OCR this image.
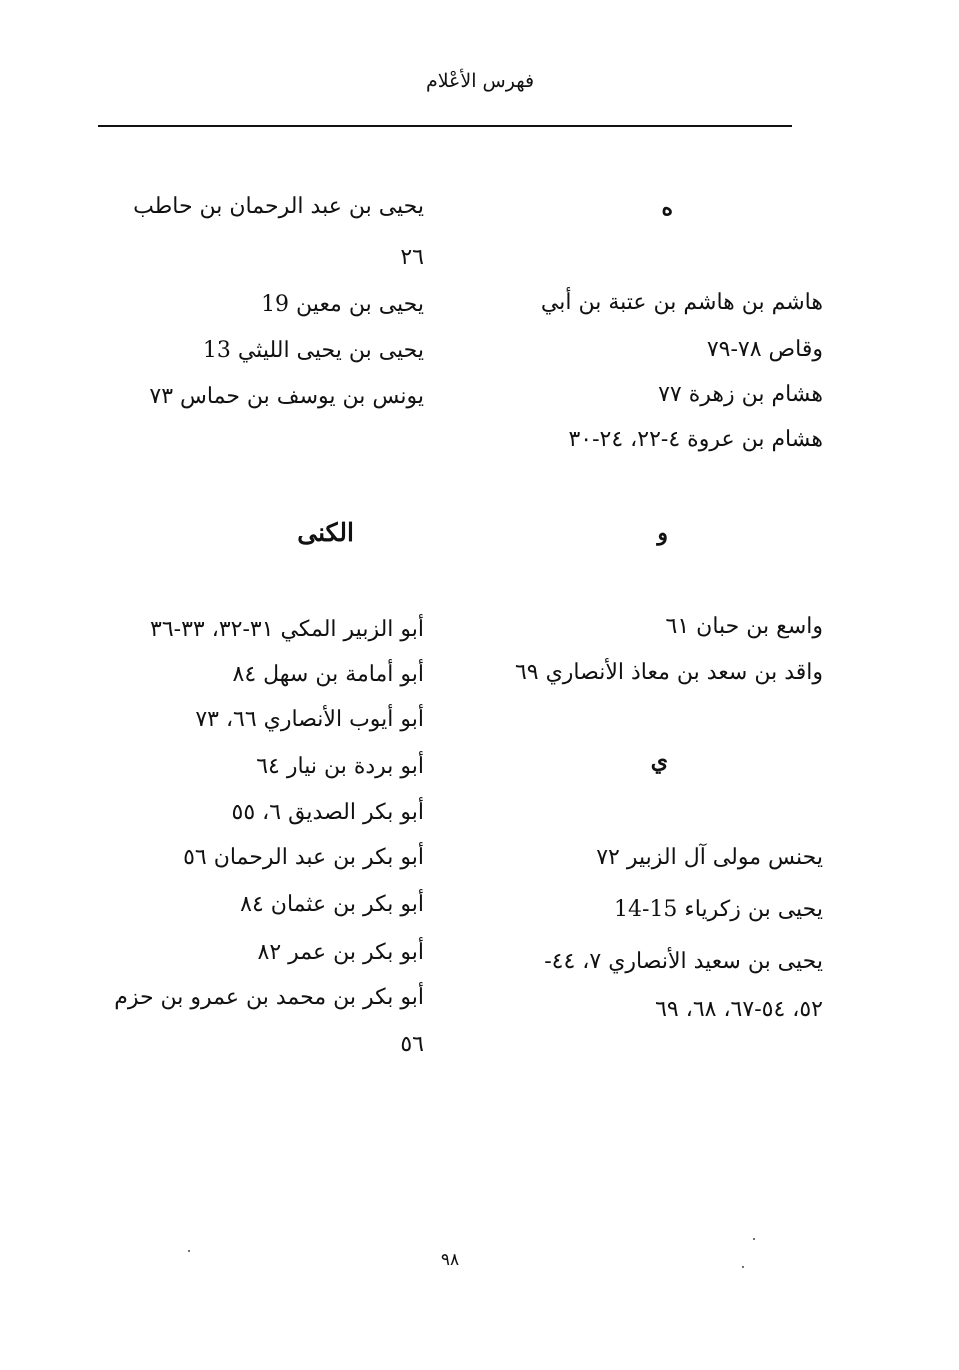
فهرس الأعْلام
ه
هاشم بن هاشم بن عتبة بن أبي
وقاص ٧٨-٧٩
هشام بن زهرة ٧٧
هشام بن عروة ٤-٢٢، ٢٤-٣٠
و
واسع بن حبان ٦١
واقد بن سعد بن معاذ الأنصاري ٦٩
ي
يحنس مولى آل الزبير ٧٢
يحيى بن زكرياء 15-14
يحيى بن سعيد الأنصاري ٧، ٤٤-
٥٢، ٥٤-٦٧، ٦٨، ٦٩
يحيى بن عبد الرحمان بن حاطب
٢٦
يحيى بن معين 19
يحيى بن يحيى الليثي 13
يونس بن يوسف بن حماس ٧٣
الكنى
أبو الزبير المكي ٣١-٣٢، ٣٣-٣٦
أبو أمامة بن سهل ٨٤
أبو أيوب الأنصاري ٦٦، ٧٣
أبو بردة بن نيار ٦٤
أبو بكر الصديق ٦، ٥٥
أبو بكر بن عبد الرحمان ٥٦
أبو بكر بن عثمان ٨٤
أبو بكر بن عمر ٨٢
أبو بكر بن محمد بن عمرو بن حزم
٥٦
٩٨
